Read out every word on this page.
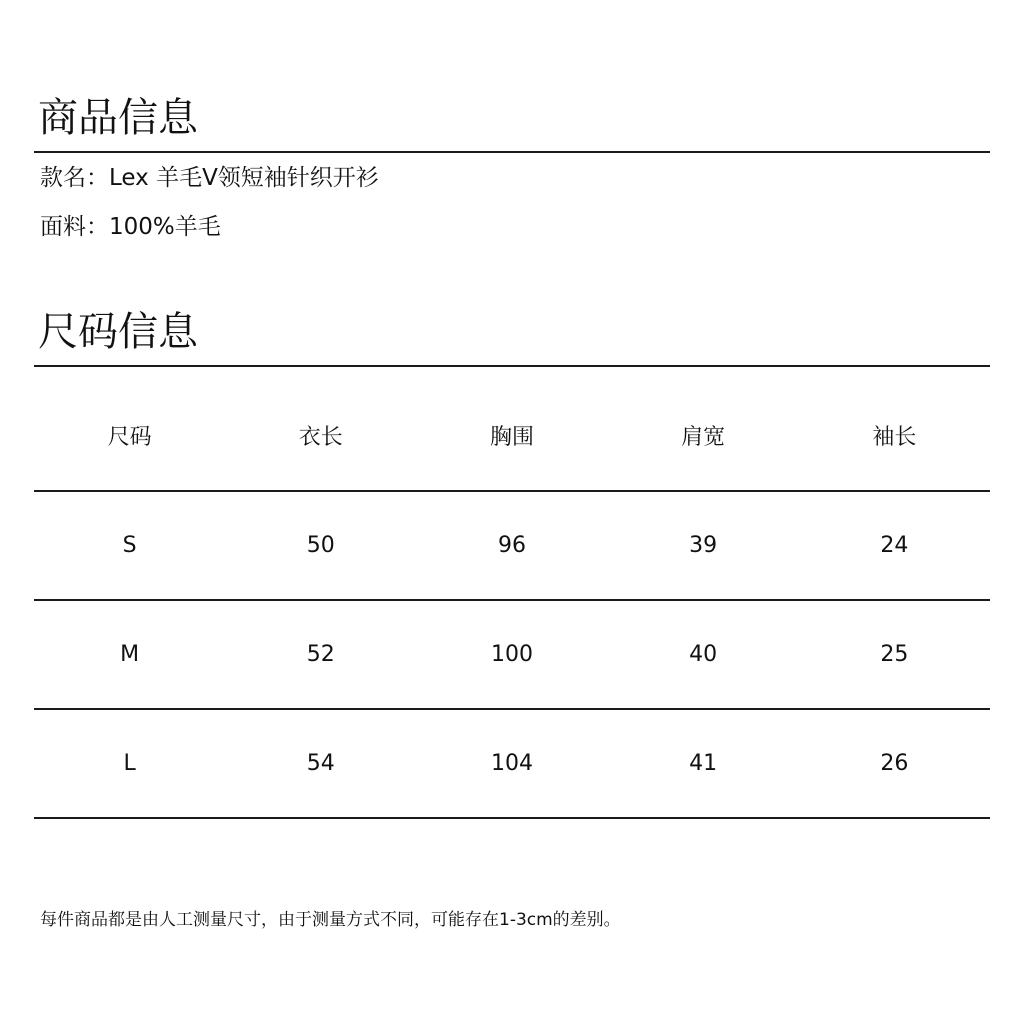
商品信息
款名：Lex 羊毛V领短袖针织开衫
面料：100%羊毛
尺码信息
尺码	衣长	胸围	肩宽	袖长
S	50	96	39	24
M	52	100	40	25
L	54	104	41	26
每件商品都是由人工测量尺寸，由于测量方式不同，可能存在1-3cm的差别。
